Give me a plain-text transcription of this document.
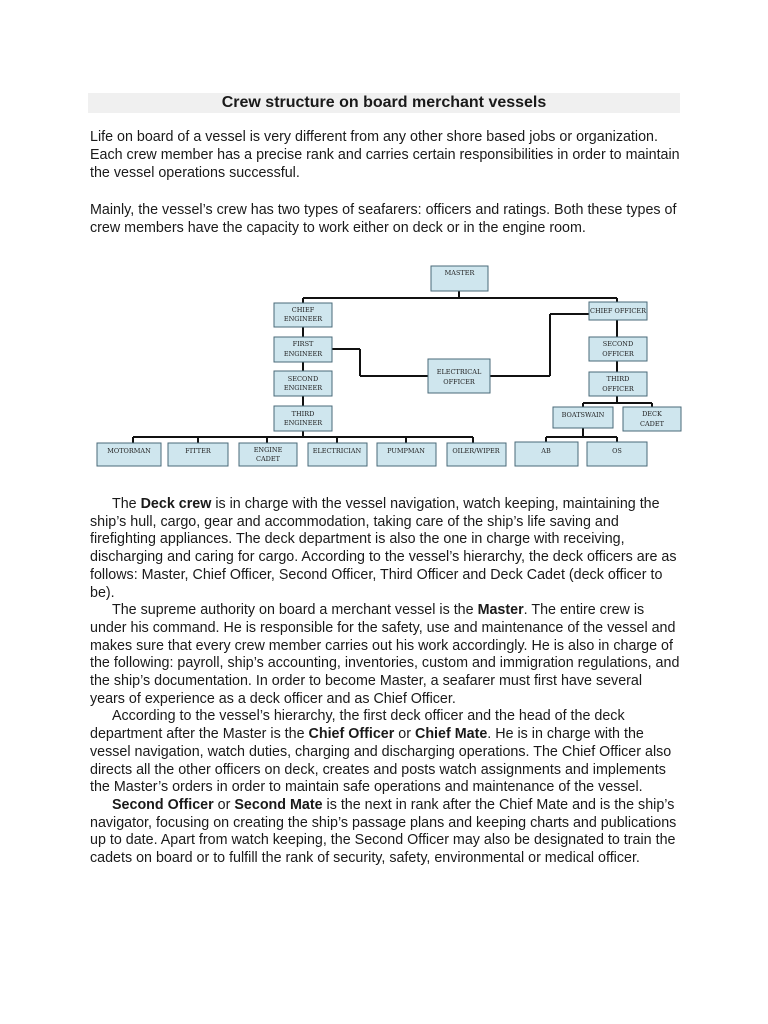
Crew structure on board merchant vessels

Life on board of a vessel is very different from any other shore based jobs or organization. Each crew member has a precise rank and carries certain responsibilities in order to maintain the vessel operations successful.

Mainly, the vessel’s crew has two types of seafarers: officers and ratings. Both these types of crew members have the capacity to work either on deck or in the engine room.

MASTER
CHIEF
ENGINEER
FIRST
ENGINEER
SECOND
ENGINEER
THIRD
ENGINEER
ELECTRICAL
OFFICER
CHIEF OFFICER
SECOND
OFFICER
THIRD
OFFICER
BOATSWAIN	DECK
CADET
MOTORMAN	FITTER	ENGINE
CADET
ELECTRICIAN	PUMPMAN	OILER/WIPER	AB	OS

The Deck crew is in charge with the vessel navigation, watch keeping, maintaining the ship’s hull, cargo, gear and accommodation, taking care of the ship’s life saving and firefighting appliances. The deck department is also the one in charge with receiving, discharging and caring for cargo. According to the vessel’s hierarchy, the deck officers are as follows: Master, Chief Officer, Second Officer, Third Officer and Deck Cadet (deck officer to be).

The supreme authority on board a merchant vessel is the Master. The entire crew is under his command. He is responsible for the safety, use and maintenance of the vessel and makes sure that every crew member carries out his work accordingly. He is also in charge of the following: payroll, ship’s accounting, inventories, custom and immigration regulations, and the ship’s documentation. In order to become Master, a seafarer must first have several years of experience as a deck officer and as Chief Officer.

According to the vessel’s hierarchy, the first deck officer and the head of the deck department after the Master is the Chief Officer or Chief Mate. He is in charge with the vessel navigation, watch duties, charging and discharging operations. The Chief Officer also directs all the other officers on deck, creates and posts watch assignments and implements the Master’s orders in order to maintain safe operations and maintenance of the vessel.

Second Officer or Second Mate is the next in rank after the Chief Mate and is the ship’s navigator, focusing on creating the ship’s passage plans and keeping charts and publications up to date. Apart from watch keeping, the Second Officer may also be designated to train the cadets on board or to fulfill the rank of security, safety, environmental or medical officer.
